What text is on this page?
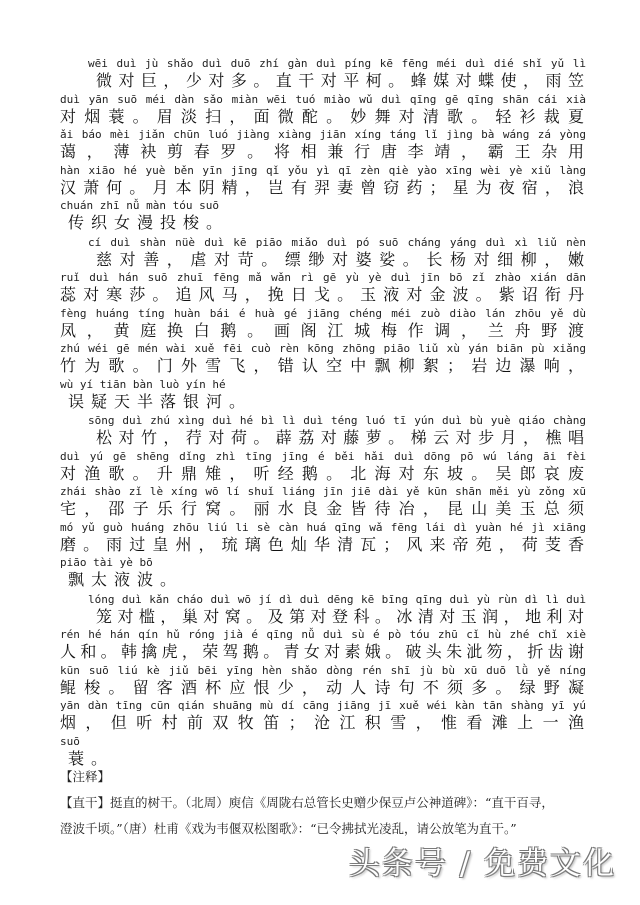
wēi duì jù shǎo duì duō zhí gàn duì píng kē fēng méi duì dié shǐ yǔ lì
微对巨，少对多。直干对平柯。蜂媒对蝶使，雨笠
duì yān suō méi dàn sǎo miàn wēi tuó miào wǔ duì qīng gē qīng shān cái xià
对烟蓑。眉淡扫，面微酡。妙舞对清歌。轻衫裁夏
ǎi báo mèi jiǎn chūn luó jiàng xiàng jiān xíng táng lǐ jìng bà wáng zá yòng
蔼，薄袂剪春罗。将相兼行唐李靖，霸王杂用
hàn xiāo hé yuè běn yīn jīng qǐ yǒu yì qī zèn qiè yào xīng wèi yè xiǔ làng
汉萧何。月本阴精，岂有羿妻曾窃药；星为夜宿，浪
chuán zhī nǚ màn tóu suō
传织女漫投梭。
cí duì shàn nüè duì kē piāo miǎo duì pó suō cháng yáng duì xì liǔ nèn
慈对善，虐对苛。缥缈对婆娑。长杨对细柳，嫩
ruǐ duì hán suō zhuī fēng mǎ wǎn rì gē yù yè duì jīn bō zǐ zhào xián dān
蕊对寒莎。追风马，挽日戈。玉液对金波。紫诏衔丹
fèng huáng tíng huàn bái é huà gé jiāng chéng méi zuò diào lán zhōu yě dù
凤，黄庭换白鹅。画阁江城梅作调，兰舟野渡
zhú wéi gē mén wài xuě fēi cuò rèn kōng zhōng piāo liǔ xù yán biān pù xiǎng
竹为歌。门外雪飞，错认空中飘柳絮；岩边瀑响，
wù yí tiān bàn luò yín hé
误疑天半落银河。
sōng duì zhú xìng duì hé bì lì duì téng luó tī yún duì bù yuè qiáo chàng
松对竹，荇对荷。薜荔对藤萝。梯云对步月，樵唱
duì yú gē shēng dǐng zhì tīng jīng é běi hǎi duì dōng pō wú láng āi fèi
对渔歌。升鼎雉，听经鹅。北海对东坡。吴郎哀废
zhái shào zǐ lè xíng wō lí shuǐ liáng jīn jiē dài yě kūn shān měi yù zǒng xū
宅，邵子乐行窝。丽水良金皆待冶，昆山美玉总须
mó yǔ guò huáng zhōu liú li sè càn huá qīng wǎ fēng lái dì yuàn hé jì xiāng
磨。雨过皇州，琉璃色灿华清瓦；风来帝苑，荷芰香
piāo tài yè bō
飘太液波。
lóng duì kǎn cháo duì wō jí dì duì dēng kē bīng qīng duì yù rùn dì lì duì
笼对槛，巢对窝。及第对登科。冰清对玉润，地利对
rén hé hán qín hǔ róng jià é qīng nǚ duì sù é pò tóu zhū cǐ hù zhé chǐ xiè
人和。韩擒虎，荣驾鹅。青女对素娥。破头朱泚笏，折齿谢
kūn suō liú kè jiǔ bēi yīng hèn shǎo dòng rén shī jù bù xū duō lǜ yě níng
鲲梭。留客酒杯应恨少，动人诗句不须多。绿野凝
yān dàn tīng cūn qián shuāng mù dí cāng jiāng jī xuě wéi kàn tān shàng yī yú
烟，但听村前双牧笛；沧江积雪，惟看滩上一渔
suō
蓑。
【注释】
【直干】挺直的树干。（北周）庾信《周陇右总管长史赠少保豆卢公神道碑》：“直干百寻，
澄波千顷。”（唐）杜甫《戏为韦偃双松图歌》：“已令拂拭光凌乱，请公放笔为直干。”
头条号 / 免费文化
